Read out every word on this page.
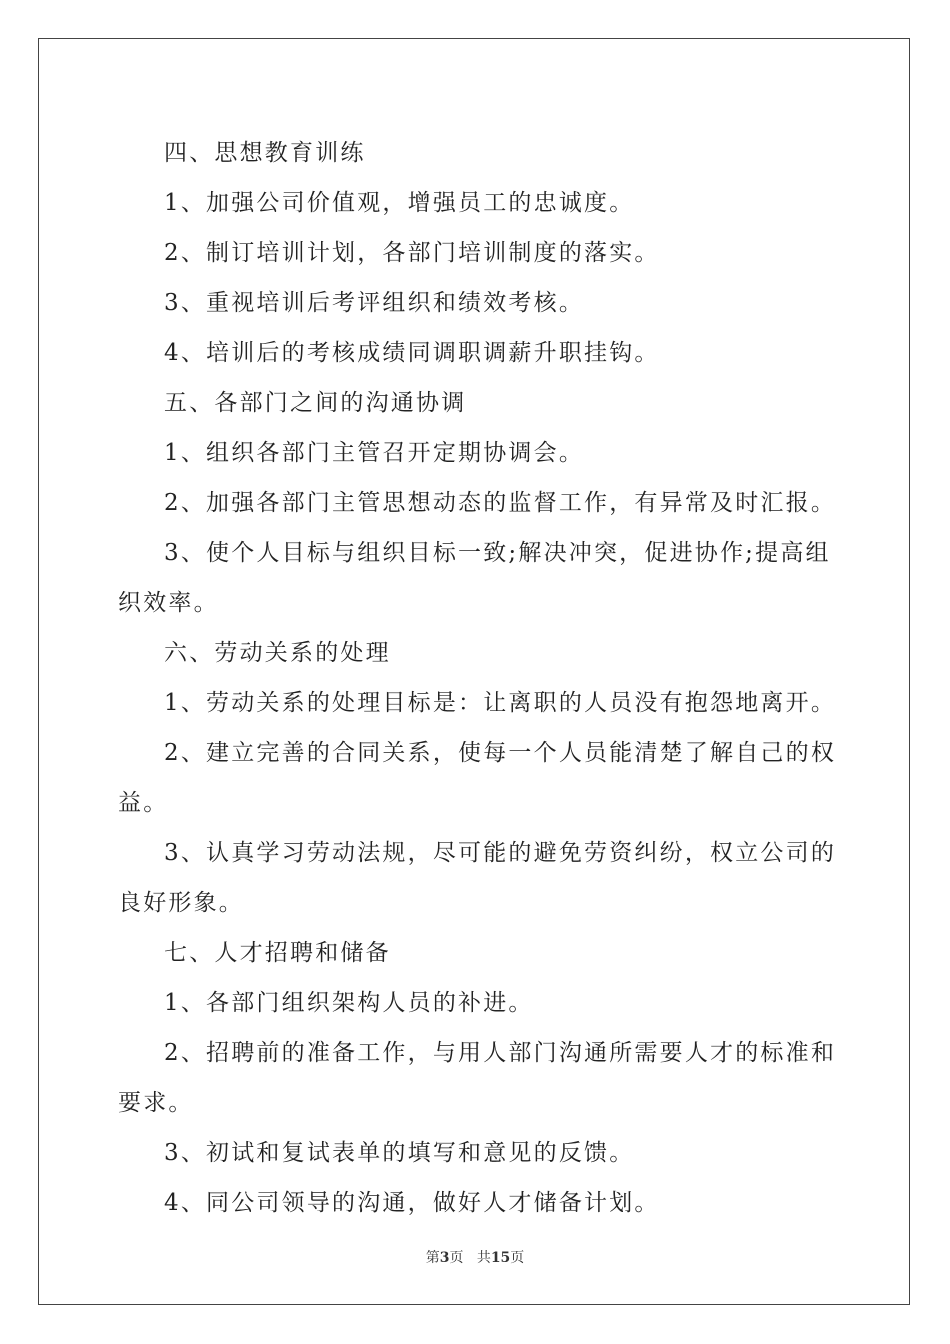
四、思想教育训练

1、加强公司价值观，增强员工的忠诚度。

2、制订培训计划，各部门培训制度的落实。

3、重视培训后考评组织和绩效考核。

4、培训后的考核成绩同调职调薪升职挂钩。

五、各部门之间的沟通协调

1、组织各部门主管召开定期协调会。

2、加强各部门主管思想动态的监督工作，有异常及时汇报。

3、使个人目标与组织目标一致;解决冲突，促进协作;提高组织效率。

六、劳动关系的处理

1、劳动关系的处理目标是：让离职的人员没有抱怨地离开。

2、建立完善的合同关系，使每一个人员能清楚了解自己的权益。

3、认真学习劳动法规，尽可能的避免劳资纠纷，权立公司的良好形象。

七、人才招聘和储备

1、各部门组织架构人员的补进。

2、招聘前的准备工作，与用人部门沟通所需要人才的标准和要求。

3、初试和复试表单的填写和意见的反馈。

4、同公司领导的沟通，做好人才储备计划。

第3页 共15页
